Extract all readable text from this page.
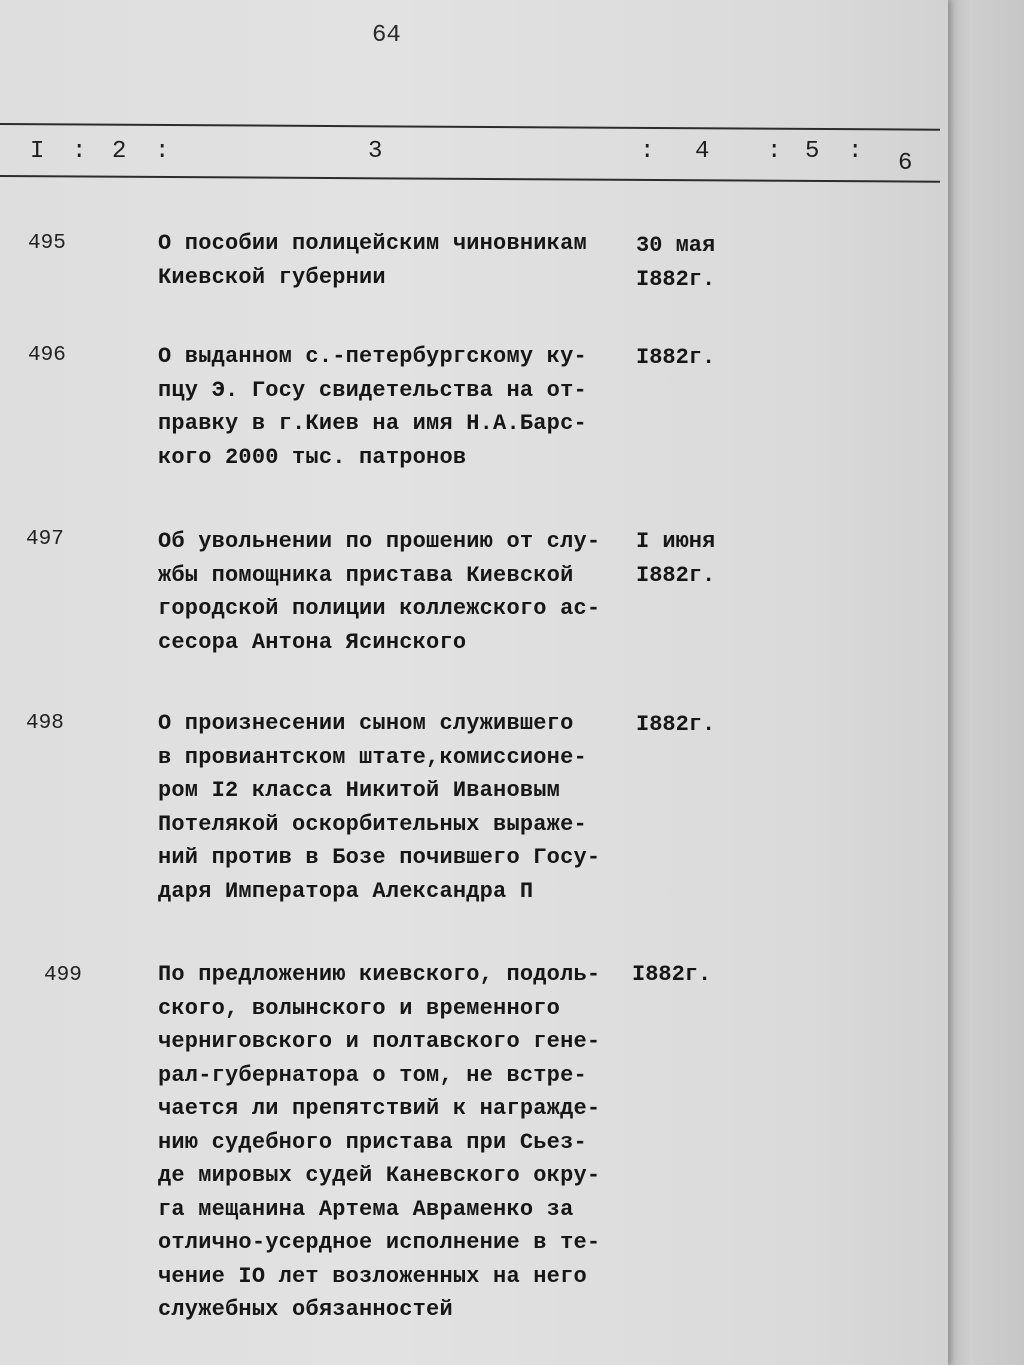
64
I : 2 :	3	: 4 : 5 : 6
495	О пособии полицейским чиновникам
Киевской губернии
30 мая
I882г.
496	О выданном с.-петербургскому ку-
пцу Э. Госу свидетельства на от-
правку в г.Киев на имя Н.А.Барс-
кого 2000 тыс. патронов
I882г.
497	Об увольнении по прошению от слу-
жбы помощника пристава Киевской
городской полиции коллежского ас-
сесора Антона Ясинского
I июня
I882г.
498	О произнесении сыном служившего
в провиантском штате,комиссионе-
ром I2 класса Никитой Ивановым
Потелякой оскорбительных выраже-
ний против в Бозе почившего Госу-
даря Императора Александра П
I882г.
499	По предложению киевского, подоль-
ского, волынского и временного
черниговского и полтавского гене-
рал-губернатора о том, не встре-
чается ли препятствий к награжде-
нию судебного пристава при Сьез-
де мировых судей Каневского окру-
га мещанина Артема Авраменко за
отлично-усердное исполнение в те-
чение IO лет возложенных на него
служебных обязанностей
I882г.
